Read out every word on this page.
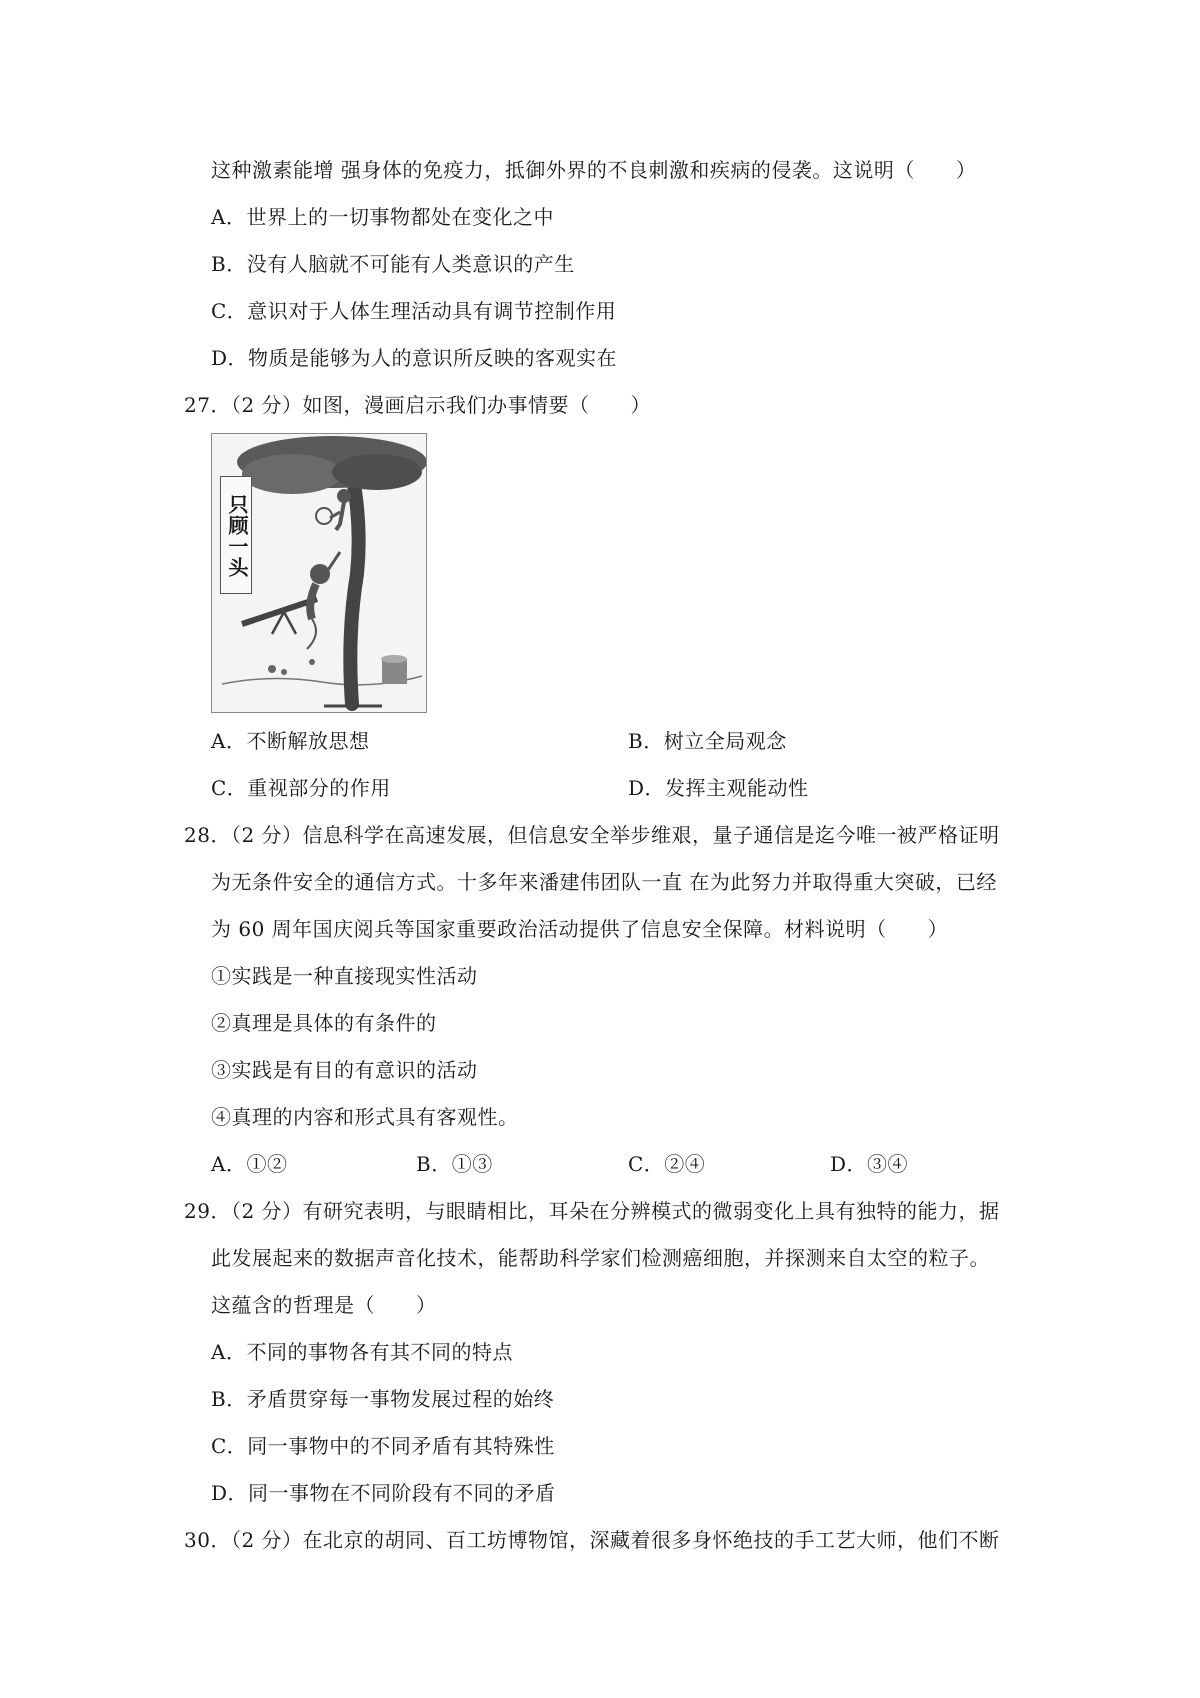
这种激素能增 强身体的免疫力，抵御外界的不良刺激和疾病的侵袭。这说明（　　）
A．世界上的一切事物都处在变化之中
B．没有人脑就不可能有人类意识的产生
C．意识对于人体生理活动具有调节控制作用
D．物质是能够为人的意识所反映的客观实在
27．（2 分）如图，漫画启示我们办事情要（　　）
只顾一头
A．不断解放思想	B．树立全局观念
C．重视部分的作用	D．发挥主观能动性
28．（2 分）信息科学在高速发展，但信息安全举步维艰，量子通信是迄今唯一被严格证明
为无条件安全的通信方式。十多年来潘建伟团队一直 在为此努力并取得重大突破，已经
为 60 周年国庆阅兵等国家重要政治活动提供了信息安全保障。材料说明（　　）
①实践是一种直接现实性活动
②真理是具体的有条件的
③实践是有目的有意识的活动
④真理的内容和形式具有客观性。
A．①②	B．①③	C．②④	D．③④
29．（2 分）有研究表明，与眼睛相比，耳朵在分辨模式的微弱变化上具有独特的能力，据
此发展起来的数据声音化技术，能帮助科学家们检测癌细胞，并探测来自太空的粒子。
这蕴含的哲理是（　　）
A．不同的事物各有其不同的特点
B．矛盾贯穿每一事物发展过程的始终
C．同一事物中的不同矛盾有其特殊性
D．同一事物在不同阶段有不同的矛盾
30．（2 分）在北京的胡同、百工坊博物馆，深藏着很多身怀绝技的手工艺大师，他们不断
